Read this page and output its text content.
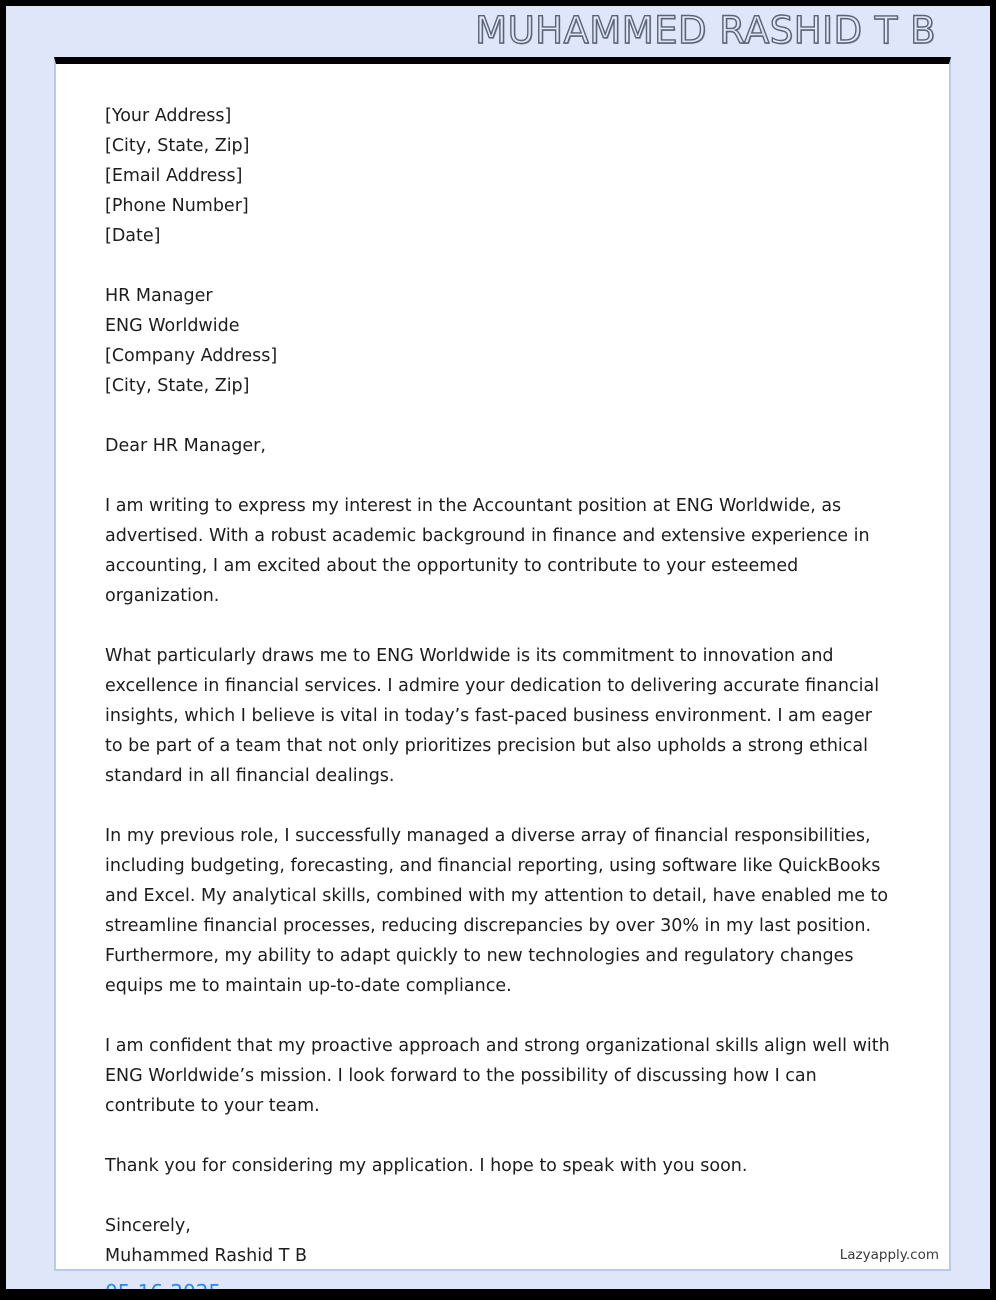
MUHAMMED RASHID T B

[Your Address]

[City, State, Zip]

[Email Address]

[Phone Number]

[Date]

HR Manager

ENG Worldwide

[Company Address]

[City, State, Zip]

Dear HR Manager,

I am writing to express my interest in the Accountant position at ENG Worldwide, as advertised. With a robust academic background in finance and extensive experience in accounting, I am excited about the opportunity to contribute to your esteemed organization.

What particularly draws me to ENG Worldwide is its commitment to innovation and excellence in financial services. I admire your dedication to delivering accurate financial insights, which I believe is vital in today’s fast-paced business environment. I am eager to be part of a team that not only prioritizes precision but also upholds a strong ethical standard in all financial dealings.

In my previous role, I successfully managed a diverse array of financial responsibilities, including budgeting, forecasting, and financial reporting, using software like QuickBooks and Excel. My analytical skills, combined with my attention to detail, have enabled me to streamline financial processes, reducing discrepancies by over 30% in my last position. Furthermore, my ability to adapt quickly to new technologies and regulatory changes equips me to maintain up-to-date compliance.

I am confident that my proactive approach and strong organizational skills align well with ENG Worldwide’s mission. I look forward to the possibility of discussing how I can contribute to your team.

Thank you for considering my application. I hope to speak with you soon.

Sincerely,

Muhammed Rashid T B	Lazyapply.com
